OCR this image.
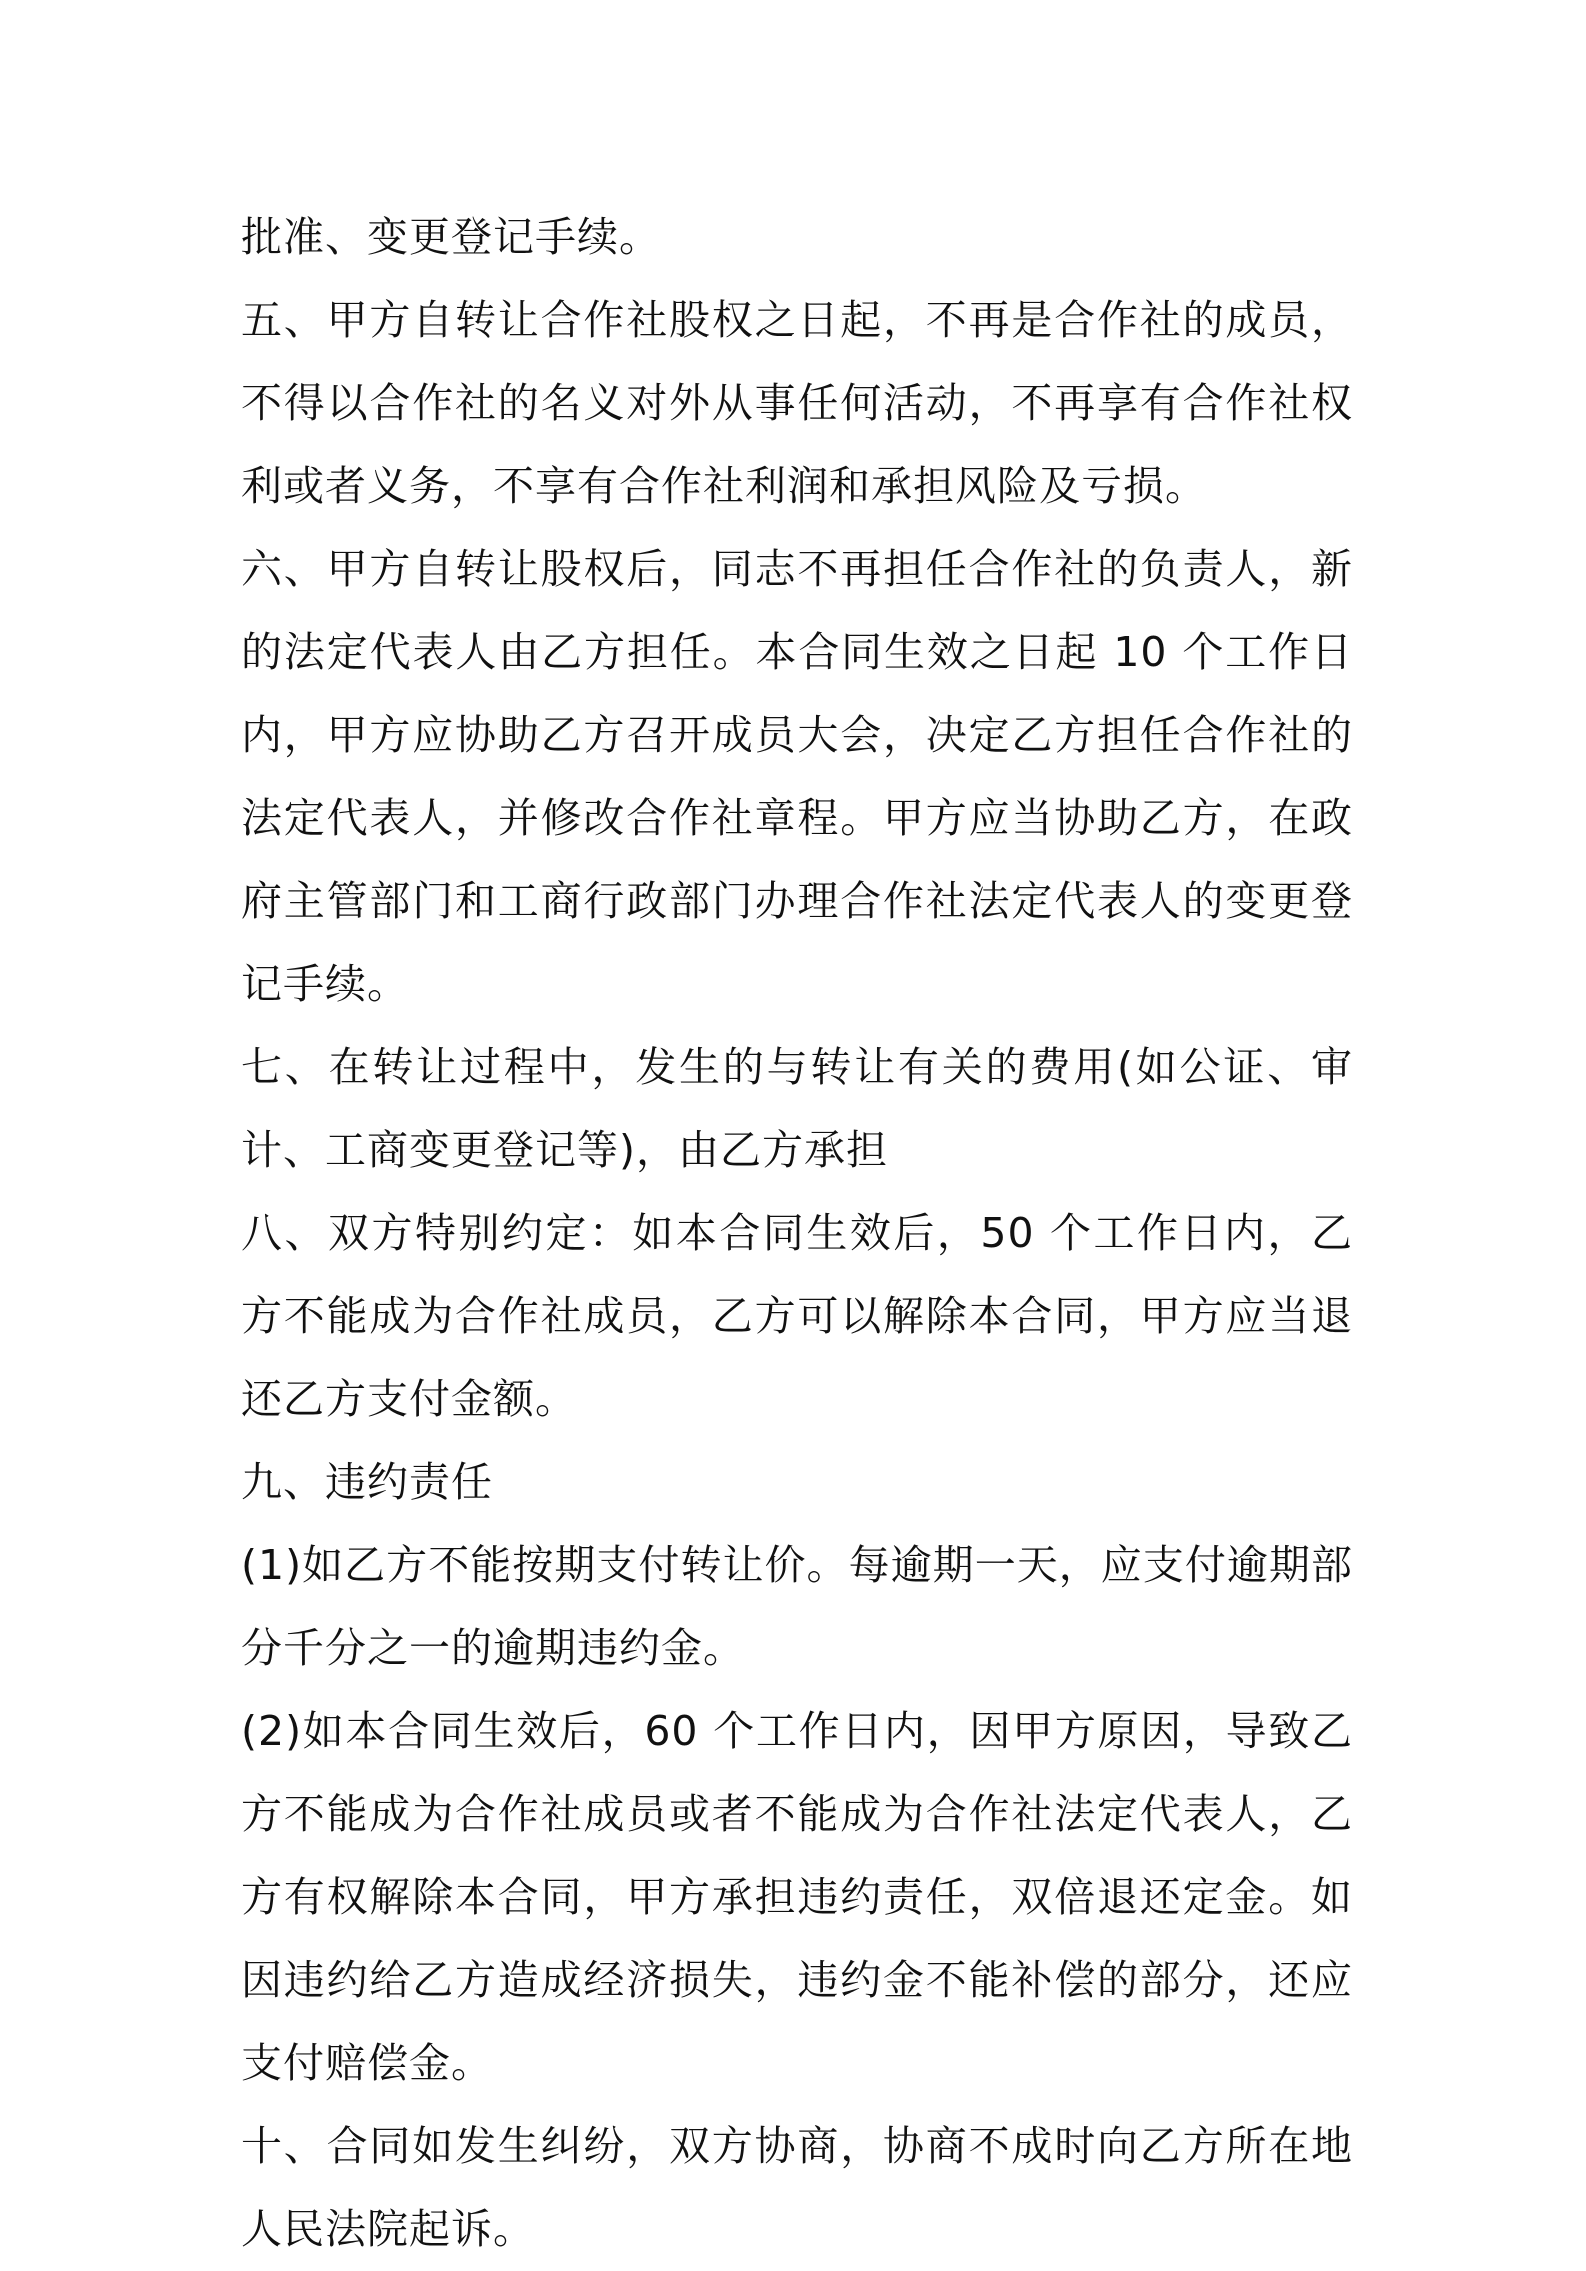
批准、变更登记手续。

五、甲方自转让合作社股权之日起，不再是合作社的成员，不得以合作社的名义对外从事任何活动，不再享有合作社权利或者义务，不享有合作社利润和承担风险及亏损。

六、甲方自转让股权后，同志不再担任合作社的负责人，新的法定代表人由乙方担任。本合同生效之日起 10 个工作日内，甲方应协助乙方召开成员大会，决定乙方担任合作社的法定代表人，并修改合作社章程。甲方应当协助乙方，在政府主管部门和工商行政部门办理合作社法定代表人的变更登记手续。

七、在转让过程中，发生的与转让有关的费用(如公证、审计、工商变更登记等)，由乙方承担

八、双方特别约定：如本合同生效后，50 个工作日内，乙方不能成为合作社成员，乙方可以解除本合同，甲方应当退还乙方支付金额。

九、违约责任

(1)如乙方不能按期支付转让价。每逾期一天，应支付逾期部分千分之一的逾期违约金。

(2)如本合同生效后，60 个工作日内，因甲方原因，导致乙方不能成为合作社成员或者不能成为合作社法定代表人，乙方有权解除本合同，甲方承担违约责任，双倍退还定金。如因违约给乙方造成经济损失，违约金不能补偿的部分，还应支付赔偿金。

十、合同如发生纠纷，双方协商，协商不成时向乙方所在地人民法院起诉。
